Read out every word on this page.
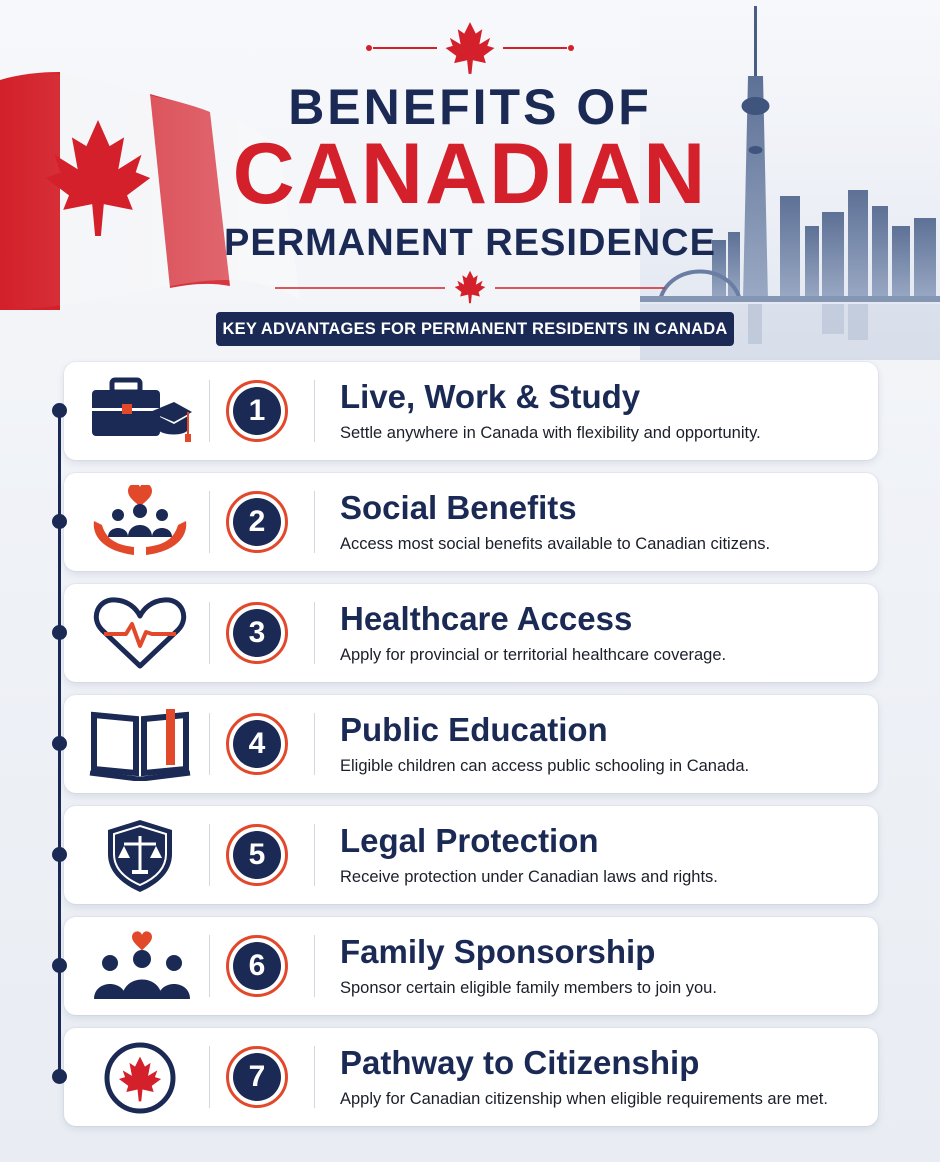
BENEFITS OF
CANADIAN
PERMANENT RESIDENCE
KEY ADVANTAGES FOR PERMANENT RESIDENTS IN CANADA
1	Live, Work & Study
Settle anywhere in Canada with flexibility and opportunity.
2	Social Benefits
Access most social benefits available to Canadian citizens.
3	Healthcare Access
Apply for provincial or territorial healthcare coverage.
4	Public Education
Eligible children can access public schooling in Canada.
5	Legal Protection
Receive protection under Canadian laws and rights.
6	Family Sponsorship
Sponsor certain eligible family members to join you.
7	Pathway to Citizenship
Apply for Canadian citizenship when eligible requirements are met.
